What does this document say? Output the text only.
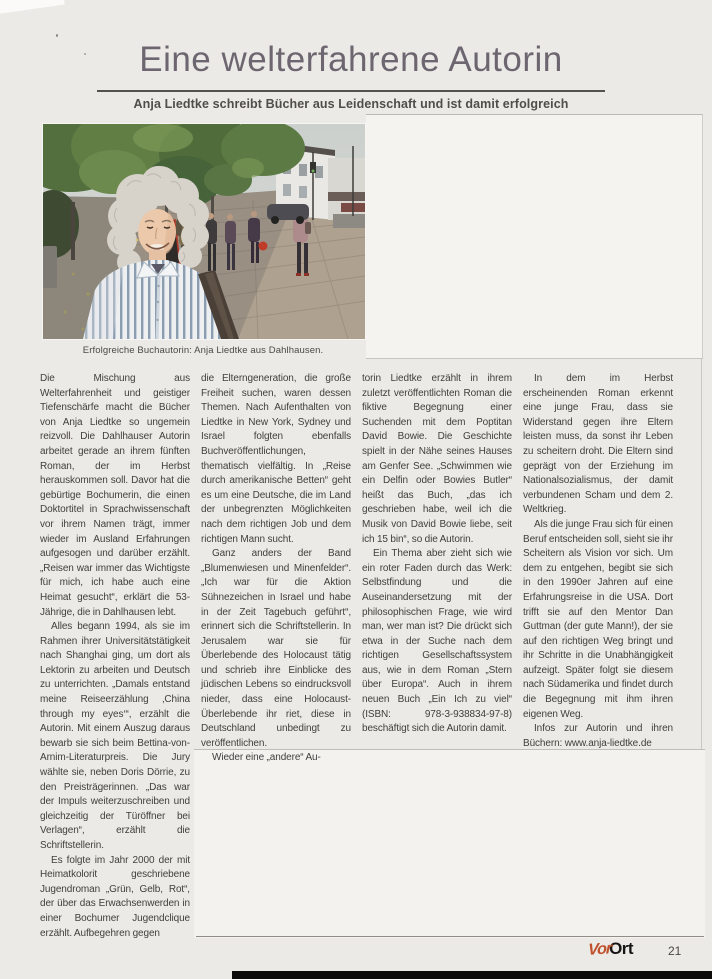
Eine welterfahrene Autorin
Anja Liedtke schreibt Bücher aus Leidenschaft und ist damit erfolgreich
Erfolgreiche Buchautorin: Anja Liedtke aus Dahlhausen.

Die Mischung aus Welterfahrenheit und geistiger Tiefenschärfe macht die Bücher von Anja Liedtke so ungemein reizvoll. Die Dahlhauser Autorin arbeitet gerade an ihrem fünften Roman, der im Herbst herauskommen soll. Davor hat die gebürtige Bochumerin, die einen Doktortitel in Sprachwissenschaft vor ihrem Namen trägt, immer wieder im Ausland Erfahrungen aufgesogen und darüber erzählt. „Reisen war immer das Wichtigste für mich, ich habe auch eine Heimat gesucht“, erklärt die 53-Jährige, die in Dahlhausen lebt.

Alles begann 1994, als sie im Rahmen ihrer Universitätstätigkeit nach Shanghai ging, um dort als Lektorin zu arbeiten und Deutsch zu unterrichten. „Damals entstand meine Reiseerzählung ‚China through my eyes‘“, erzählt die Autorin. Mit einem Auszug daraus bewarb sie sich beim Bettina-von-Arnim-Literaturpreis. Die Jury wählte sie, neben Doris Dörrie, zu den Preisträgerinnen. „Das war der Impuls weiterzuschreiben und gleichzeitig der Türöffner bei Verlagen“, erzählt die Schriftstellerin.

Es folgte im Jahr 2000 der mit Heimatkolorit geschriebene Jugendroman „Grün, Gelb, Rot“, der über das Erwachsenwerden in einer Bochumer Jugendclique erzählt. Aufbegehren gegen

die Elterngeneration, die große Freiheit suchen, waren dessen Themen. Nach Aufenthalten von Liedtke in New York, Sydney und Israel folgten ebenfalls Buchveröffentlichungen, thematisch vielfältig. In „Reise durch amerikanische Betten“ geht es um eine Deutsche, die im Land der unbegrenzten Möglichkeiten nach dem richtigen Job und dem richtigen Mann sucht.

Ganz anders der Band „Blumenwiesen und Minenfelder“. „Ich war für die Aktion Sühnezeichen in Israel und habe in der Zeit Tagebuch geführt“, erinnert sich die Schriftstellerin. In Jerusalem war sie für Überlebende des Holocaust tätig und schrieb ihre Einblicke des jüdischen Lebens so eindrucksvoll nieder, dass eine Holocaust-Überlebende ihr riet, diese in Deutschland unbedingt zu veröffentlichen.

Wieder eine „andere“ Au-

torin Liedtke erzählt in ihrem zuletzt veröffentlichten Roman die fiktive Begegnung einer Suchenden mit dem Poptitan David Bowie. Die Geschichte spielt in der Nähe seines Hauses am Genfer See. „Schwimmen wie ein Delfin oder Bowies Butler“ heißt das Buch, „das ich geschrieben habe, weil ich die Musik von David Bowie liebe, seit ich 15 bin“, so die Autorin.

Ein Thema aber zieht sich wie ein roter Faden durch das Werk: Selbstfindung und die Auseinandersetzung mit der philosophischen Frage, wie wird man, wer man ist? Die drückt sich etwa in der Suche nach dem richtigen Gesellschaftssystem aus, wie in dem Roman „Stern über Europa“. Auch in ihrem neuen Buch „Ein Ich zu viel“ (ISBN: 978-3-938834-97-8) beschäftigt sich die Autorin damit.

In dem im Herbst erscheinenden Roman erkennt eine junge Frau, dass sie Widerstand gegen ihre Eltern leisten muss, da sonst ihr Leben zu scheitern droht. Die Eltern sind geprägt von der Erziehung im Nationalsozialismus, der damit verbundenen Scham und dem 2. Weltkrieg.

Als die junge Frau sich für einen Beruf entscheiden soll, sieht sie ihr Scheitern als Vision vor sich. Um dem zu entgehen, begibt sie sich in den 1990er Jahren auf eine Erfahrungsreise in die USA. Dort trifft sie auf den Mentor Dan Guttman (der gute Mann!), der sie auf den richtigen Weg bringt und ihr Schritte in die Unabhängigkeit aufzeigt. Später folgt sie diesem nach Südamerika und findet durch die Begegnung mit ihm ihren eigenen Weg.

Infos zur Autorin und ihren Büchern: www.anja-liedtke.de

VorOrt	21
